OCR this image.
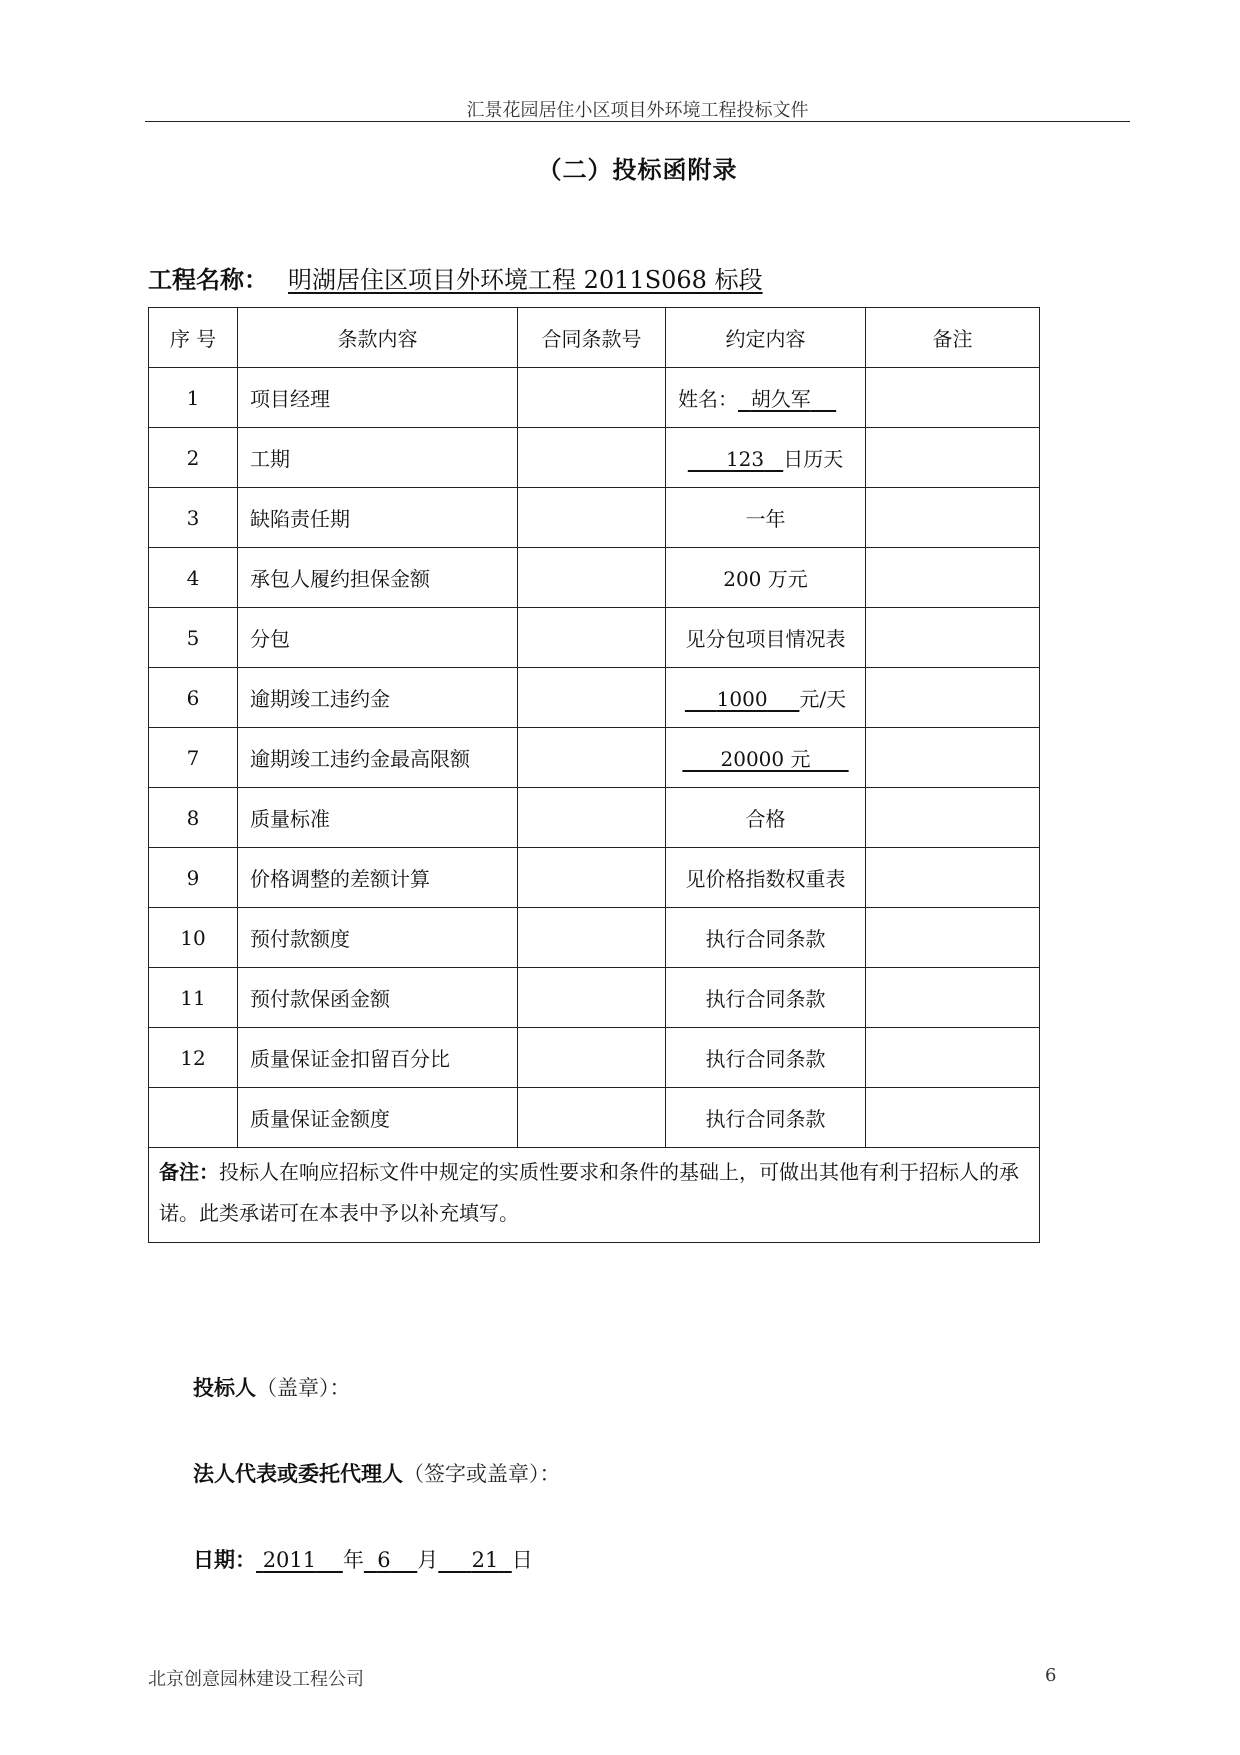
汇景花园居住小区项目外环境工程投标文件
（二）投标函附录
工程名称： 明湖居住区项目外环境工程 2011S068 标段
序 号	条款内容	合同条款号	约定内容	备注
1	项目经理		姓名： 胡久军	
2	工期		123 日历天	
3	缺陷责任期		一年	
4	承包人履约担保金额		200 万元	
5	分包		见分包项目情况表	
6	逾期竣工违约金		1000 元/天	
7	逾期竣工违约金最高限额		20000 元	
8	质量标准		合格	
9	价格调整的差额计算		见价格指数权重表	
10	预付款额度		执行合同条款	
11	预付款保函金额		执行合同条款	
12	质量保证金扣留百分比		执行合同条款	
	质量保证金额度		执行合同条款	
备注：投标人在响应招标文件中规定的实质性要求和条件的基础上，可做出其他有利于招标人的承诺。此类承诺可在本表中予以补充填写。				
投标人（盖章）：
法人代表或委托代理人（签字或盖章）：
日期： 2011 年 6 月 21 日
北京创意园林建设工程公司	6
